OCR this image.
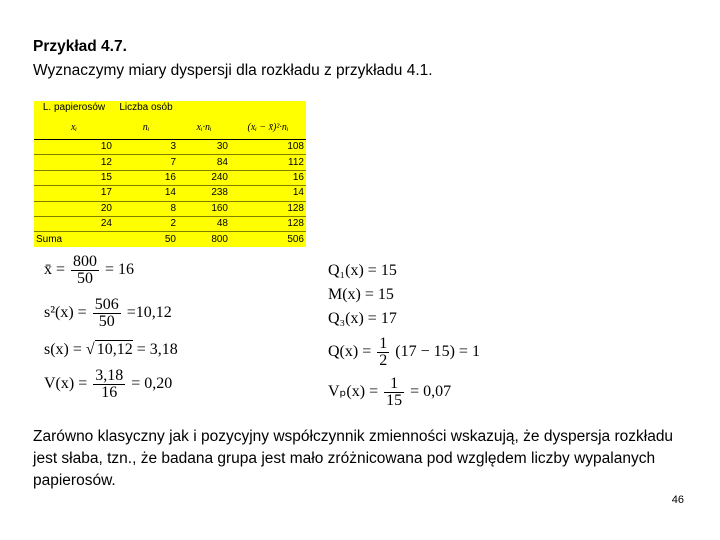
Przykład 4.7.
Wyznaczymy miary dyspersji dla rozkładu z przykładu 4.1.
L. papierosów	Liczba osób		
xᵢ	nᵢ	xᵢ·nᵢ	(xᵢ − x̄)²·nᵢ
10	3	30	108
12	7	84	112
15	16	240	16
17	14	238	14
20	8	160	128
24	2	48	128
Suma	50	800	506
x̄ = $\frac{800}{50} = 16$
$s^2(x) = \frac{506}{50} =10,12$
s(x) = √ 10,12 = 3,18
$V(x) = \frac{3,18}{16} = 0,20$
Q₁(x) = 15
M(x) = 15
Q₃(x) = 17
$Q(x) = \frac{1}{2} (17 - 15) = 1$
$V_p(x) = \frac{1}{15} = 0,07$
Zarówno klasyczny jak i pozycyjny współczynnik zmienności wskazują, że dyspersja rozkładu jest słaba, tzn., że badana grupa jest mało zróżnicowana pod względem liczby wypalanych papierosów.
46
